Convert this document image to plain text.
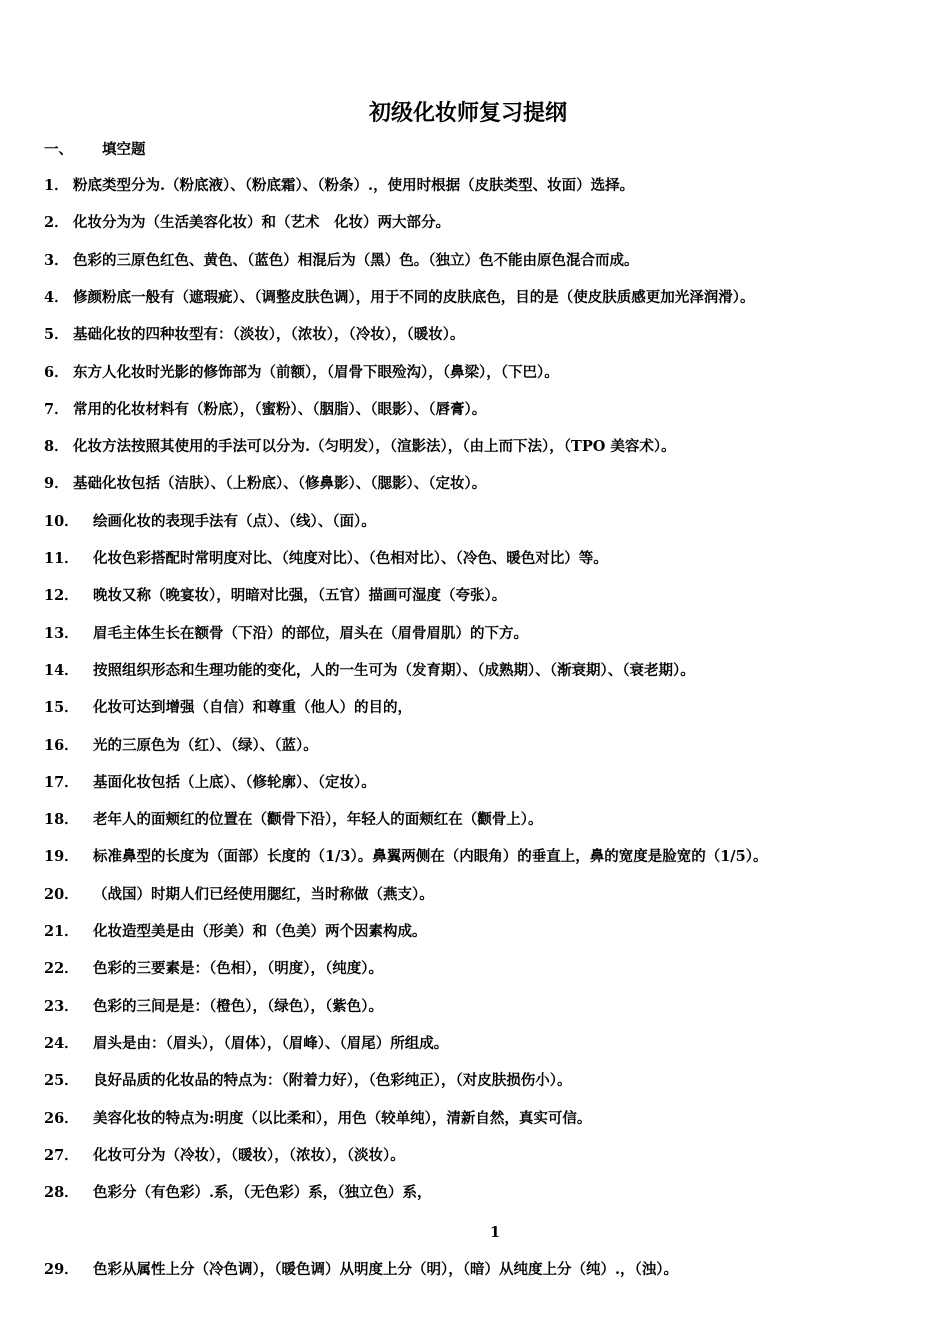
初级化妆师复习提纲
一、 填空题
1． 粉底类型分为.（粉底液）、（粉底霜）、（粉条）.，使用时根据（皮肤类型、妆面）选择。
2． 化妆分为为（生活美容化妆）和（艺术　化妆）两大部分。
3． 色彩的三原色红色、黄色、（蓝色）相混后为（黑）色。（独立）色不能由原色混合而成。
4． 修颜粉底一般有（遮瑕疵）、（调整皮肤色调），用于不同的皮肤底色，目的是（使皮肤质感更加光泽润滑）。
5． 基础化妆的四种妆型有：（淡妆），（浓妆），（冷妆），（暖妆）。
6． 东方人化妆时光影的修饰部为（前额），（眉骨下眼殓沟），（鼻梁），（下巴）。
7． 常用的化妆材料有（粉底），（蜜粉）、（胭脂）、（眼影）、（唇膏）。
8． 化妆方法按照其使用的手法可以分为.（匀明发），（渲影法），（由上而下法），（TPO 美容术）。
9． 基础化妆包括（洁肤）、（上粉底）、（修鼻影）、（腮影）、（定妆）。
10． 绘画化妆的表现手法有（点）、（线）、（面）。
11． 化妆色彩搭配时常明度对比、（纯度对比）、（色相对比）、（冷色、暖色对比）等。
12． 晚妆又称（晚宴妆），明暗对比强，（五官）描画可湿度（夸张）。
13． 眉毛主体生长在额骨（下沿）的部位，眉头在（眉骨眉肌）的下方。
14． 按照组织形态和生理功能的变化，人的一生可为（发育期）、（成熟期）、（渐衰期）、（衰老期）。
15． 化妆可达到增强（自信）和尊重（他人）的目的，
16． 光的三原色为（红）、（绿）、（蓝）。
17． 基面化妆包括（上底）、（修轮廓）、（定妆）。
18． 老年人的面颊红的位置在（颧骨下沿），年轻人的面颊红在（颧骨上）。
19． 标准鼻型的长度为（面部）长度的（1/3）。鼻翼两侧在（内眼角）的垂直上，鼻的宽度是脸宽的（1/5）。
20． （战国）时期人们已经使用腮红，当时称做（燕支）。
21． 化妆造型美是由（形美）和（色美）两个因素构成。
22． 色彩的三要素是：（色相），（明度），（纯度）。
23． 色彩的三间是是：（橙色），（绿色），（紫色）。
24． 眉头是由：（眉头），（眉体），（眉峰）、（眉尾）所组成。
25． 良好品质的化妆品的特点为：（附着力好），（色彩纯正），（对皮肤损伤小）。
26． 美容化妆的特点为:明度（以比柔和），用色（较单纯），清新自然，真实可信。
27． 化妆可分为（冷妆），（暖妆），（浓妆），（淡妆）。
28． 色彩分（有色彩）.系，（无色彩）系，（独立色）系，
1
29． 色彩从属性上分（冷色调），（暖色调）从明度上分（明），（暗）从纯度上分（纯）.，（浊）。
